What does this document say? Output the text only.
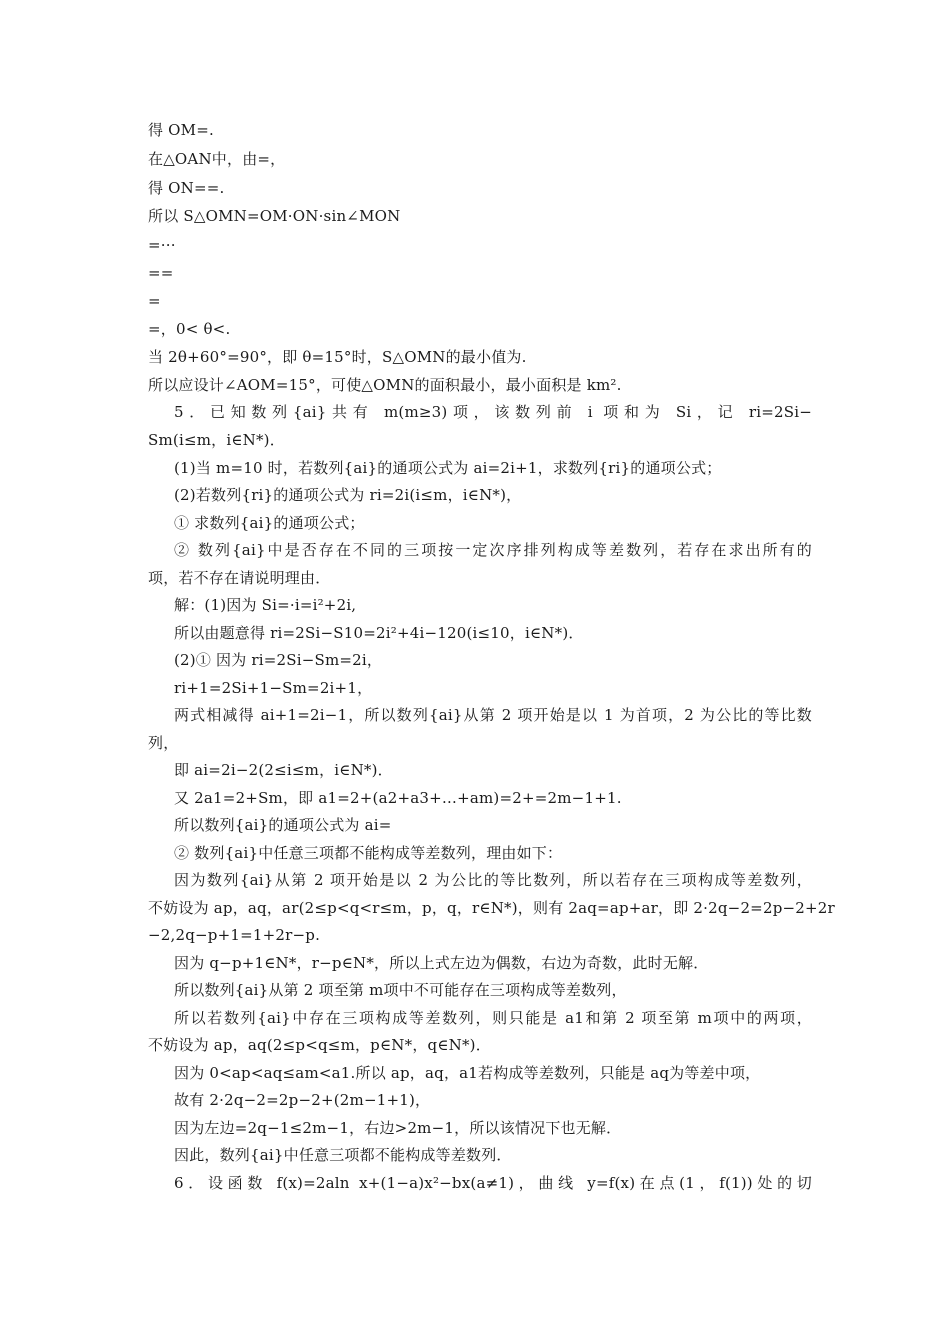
得 OM=.
在△OAN中，由=，
得 ON==.
所以 S△OMN=OM·ON·sin∠MON
=···
==
=
=，0< θ<.
当 2θ+60°=90°，即 θ=15°时，S△OMN的最小值为.
所以应设计∠AOM=15°，可使△OMN的面积最小，最小面积是 km².
5．已知数列{ai}共有 m(m≥3)项，该数列前 i 项和为 Si，记 ri=2Si−
Sm(i≤m，i∈N*)．
(1)当 m=10 时，若数列{ai}的通项公式为 ai=2i+1，求数列{ri}的通项公式；
(2)若数列{ri}的通项公式为 ri=2i(i≤m，i∈N*)，
① 求数列{ai}的通项公式；
② 数列{ai}中是否存在不同的三项按一定次序排列构成等差数列，若存在求出所有的
项，若不存在请说明理由．
解：(1)因为 Si=·i=i²+2i,
所以由题意得 ri=2Si−S10=2i²+4i−120(i≤10，i∈N*)．
(2)① 因为 ri=2Si−Sm=2i，
ri+1=2Si+1−Sm=2i+1，
两式相减得 ai+1=2i−1，所以数列{ai}从第 2 项开始是以 1 为首项，2 为公比的等比数
列，
即 ai=2i−2(2≤i≤m，i∈N*)．
又 2a1=2+Sm，即 a1=2+(a2+a3+…+am)=2+=2m−1+1.
所以数列{ai}的通项公式为 ai=
② 数列{ai}中任意三项都不能构成等差数列，理由如下：
因为数列{ai}从第 2 项开始是以 2 为公比的等比数列，所以若存在三项构成等差数列，
不妨设为 ap，aq，ar(2≤p<q<r≤m，p，q，r∈N*)，则有 2aq=ap+ar，即 2·2q−2=2p−2+2r
−2,2q−p+1=1+2r−p.
因为 q−p+1∈N*，r−p∈N*，所以上式左边为偶数，右边为奇数，此时无解．
所以数列{ai}从第 2 项至第 m项中不可能存在三项构成等差数列，
所以若数列{ai}中存在三项构成等差数列，则只能是 a1和第 2 项至第 m项中的两项，
不妨设为 ap，aq(2≤p<q≤m，p∈N*，q∈N*)．
因为 0<ap<aq≤am<a1.所以 ap，aq，a1若构成等差数列，只能是 aq为等差中项，
故有 2·2q−2=2p−2+(2m−1+1)，
因为左边=2q−1≤2m−1，右边>2m−1，所以该情况下也无解．
因此，数列{ai}中任意三项都不能构成等差数列．
6．设函数 f(x)=2aln x+(1−a)x²−bx(a≠1)，曲线 y=f(x)在点(1，f(1))处的切
